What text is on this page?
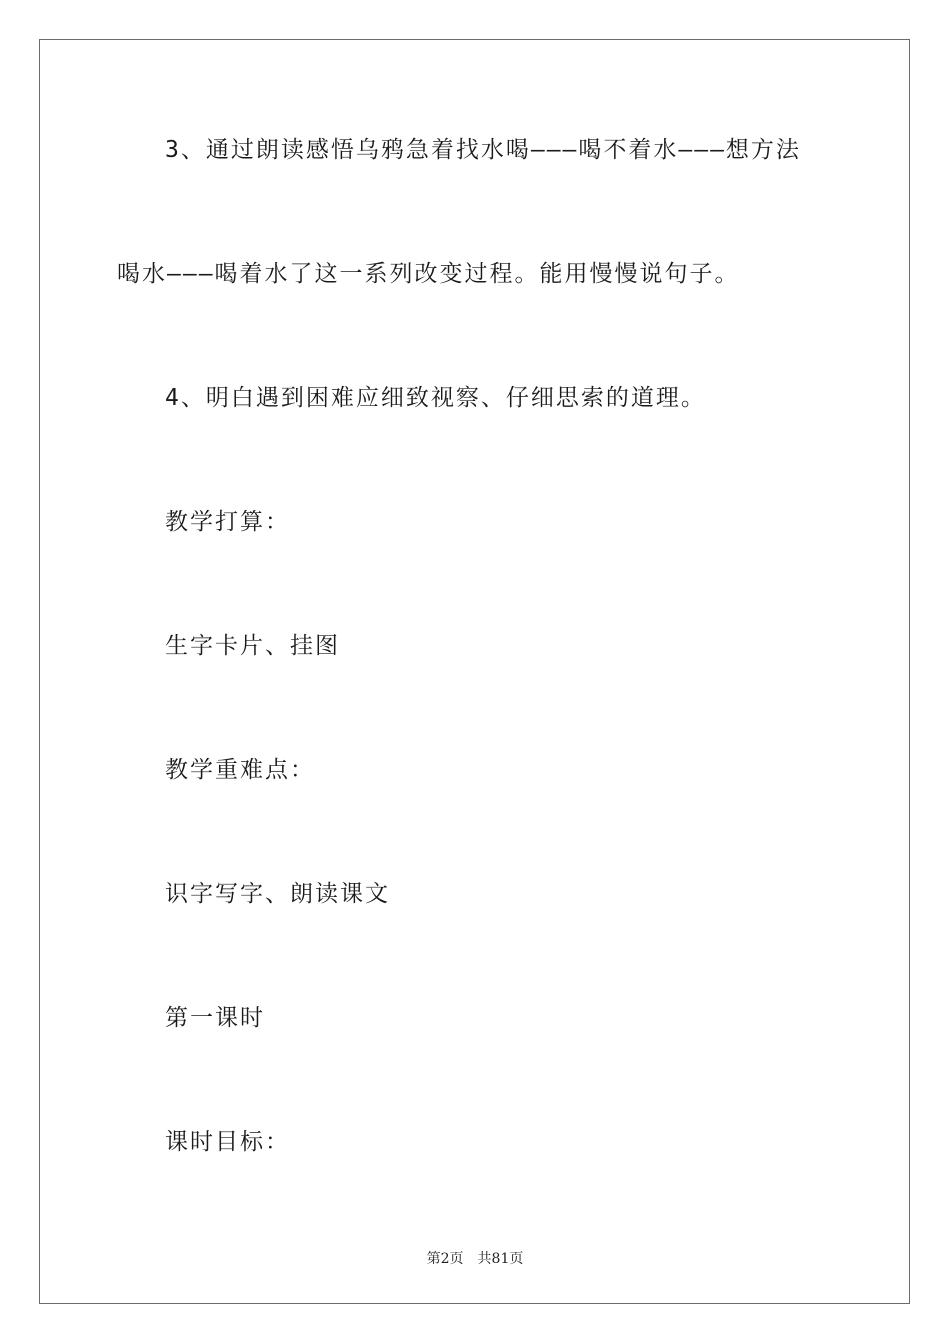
3、通过朗读感悟乌鸦急着找水喝———喝不着水———想方法

喝水———喝着水了这一系列改变过程。能用慢慢说句子。

4、明白遇到困难应细致视察、仔细思索的道理。

教学打算：

生字卡片、挂图

教学重难点：

识字写字、朗读课文

第一课时

课时目标：

第2页 共81页
